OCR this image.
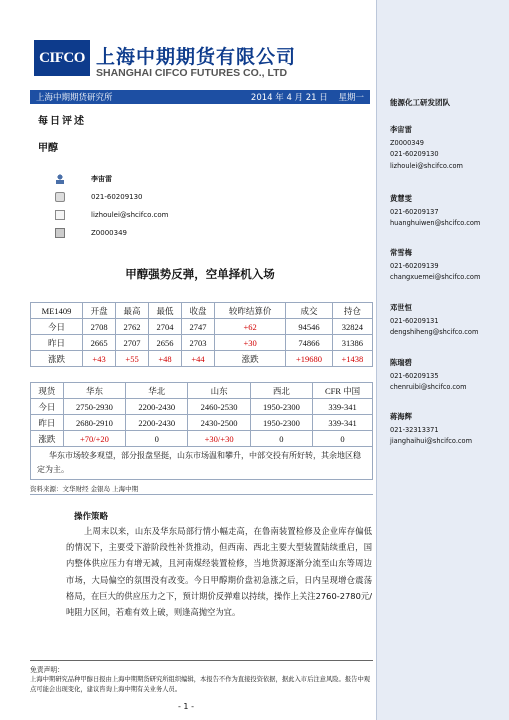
CIFCO 上海中期期货有限公司
SHANGHAI CIFCO FUTURES CO., LTD
上海中期期货研究所	2014 年 4 月 21 日 星期一
每日评述
甲醇
李宙雷
021-60209130
lizhoulei@shcifco.com
Z0000349
甲醇强势反弹，空单择机入场
ME1409	开盘	最高	最低	收盘	较昨结算价	成交	持仓
今日	2708	2762	2704	2747	+62	94546	32824
昨日	2665	2707	2656	2703	+30	74866	31386
涨跌	+43	+55	+48	+44	涨跌	+19680	+1438
现货	华东	华北	山东	西北	CFR 中国
今日	2750-2930	2200-2430	2460-2530	1950-2300	339-341
昨日	2680-2910	2200-2430	2430-2500	1950-2300	339-341
涨跌	+70/+20	0	+30/+30	0	0
华东市场较多观望，部分报盘坚挺，山东市场温和攀升，中部交投有所好转，其余地区稳定为主。
资料来源：文华财经 金银岛 上海中期
操作策略
上周末以来，山东及华东局部行情小幅走高，在鲁南装置检修及企业库存偏低的情况下，主要受下游阶段性补货推动，但西南、西北主要大型装置陆续重启，国内整体供应压力有增无减，且河南煤经装置检修，当地货源逐渐分流至山东等周边市场，大局偏空的氛围没有改变。今日甲醇期价盘初急涨之后，日内呈现增仓震荡格局，在巨大的供应压力之下，预计期价反弹难以持续，操作上关注2760-2780元/吨阻力区间，若难有效上破，则逢高抛空为宜。
免责声明：
上海中期研究品种甲醇日报由上海中期期货研究所组织编辑，本报告不作为直接投资依据，据此入市后注意风险。报告中观点可能会出现变化，建议咨询上海中期有关业务人员。
- 1 -
能源化工研发团队
李宙雷
Z0000349
021-60209130
lizhoulei@shcifco.com
黄慧雯
021-60209137
huanghuiwen@shcifco.com
常雪梅
021-60209139
changxuemei@shcifco.com
邓世恒
021-60209131
dengshiheng@shcifco.com
陈瑞碧
021-60209135
chenruibi@shcifco.com
蒋海辉
021-32313371
jianghaihui@shcifco.com
